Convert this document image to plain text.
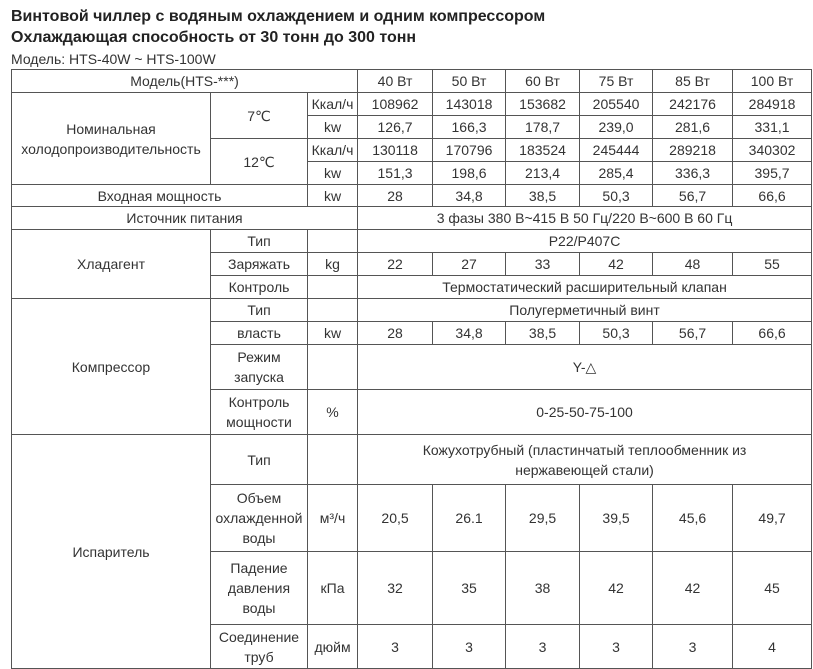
Винтовой чиллер с водяным охлаждением и одним компрессором
Охлаждающая способность от 30 тонн до 300 тонн
Модель: HTS-40W ~ HTS-100W
Модель(HTS-***)			40 Вт	50 Вт	60 Вт	75 Вт	85 Вт	100 Вт
Номинальная холодопроизводительность	7℃	Ккал/ч	108962	143018	153682	205540	242176	284918
		kw	126,7	166,3	178,7	239,0	281,6	331,1
	12℃	Ккал/ч	130118	170796	183524	245444	289218	340302
		kw	151,3	198,6	213,4	285,4	336,3	395,7
Входная мощность		kw	28	34,8	38,5	50,3	56,7	66,6
Источник питания			3 фазы 380 В~415 В 50 Гц/220 В~600 В 60 Гц					
Хладагент	Тип		P22/P407C					
	Заряжать	kg	22	27	33	42	48	55
	Контроль		Термостатический расширительный клапан					
Компрессор	Тип		Полугерметичный винт					
	власть	kw	28	34,8	38,5	50,3	56,7	66,6
	Режим запуска		Y-△					
	Контроль мощности	%	0-25-50-75-100					
Испаритель	Тип		Кожухотрубный (пластинчатый теплообменник из нержавеющей стали)					
	Объем охлажденной воды	м³/ч	20,5	26.1	29,5	39,5	45,6	49,7
	Падение давления воды	кПа	32	35	38	42	42	45
	Соединение труб	дюйм	3	3	3	3	3	4
